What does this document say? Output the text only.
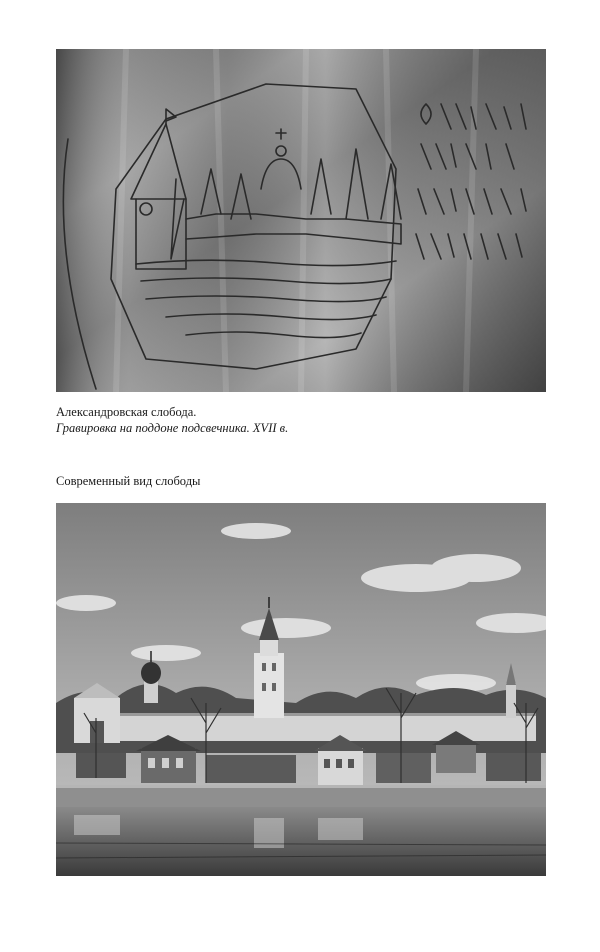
Александровская слобода.
Гравировка на поддоне подсвечника. XVII в.
Современный вид слободы
